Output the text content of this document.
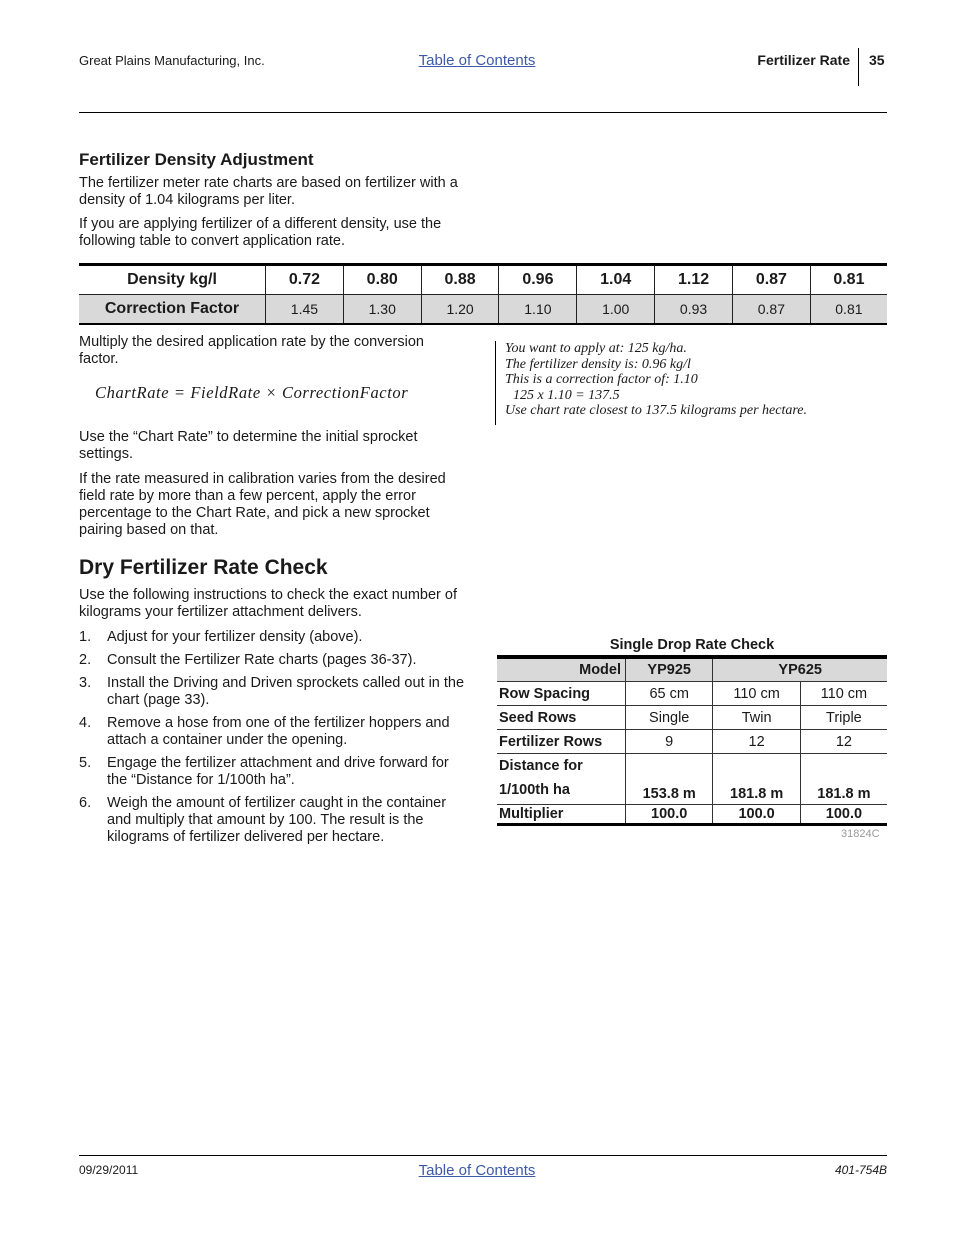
Great Plains Manufacturing, Inc.	Table of Contents	Fertilizer Rate 35
Fertilizer Density Adjustment
The fertilizer meter rate charts are based on fertilizer with a density of 1.04 kilograms per liter.
If you are applying fertilizer of a different density, use the following table to convert application rate.
Density kg/l	0.72	0.80	0.88	0.96	1.04	1.12	0.87	0.81
Correction Factor	1.45	1.30	1.20	1.10	1.00	0.93	0.87	0.81
Multiply the desired application rate by the conversion factor.
ChartRate = FieldRate × CorrectionFactor
You want to apply at: 125 kg/ha.
The fertilizer density is: 0.96 kg/l
This is a correction factor of: 1.10
125 x 1.10 = 137.5
Use chart rate closest to 137.5 kilograms per hectare.
Use the “Chart Rate” to determine the initial sprocket settings.
If the rate measured in calibration varies from the desired field rate by more than a few percent, apply the error percentage to the Chart Rate, and pick a new sprocket pairing based on that.
Dry Fertilizer Rate Check
Use the following instructions to check the exact number of kilograms your fertilizer attachment delivers.
1. Adjust for your fertilizer density (above).
2. Consult the Fertilizer Rate charts (pages 36-37).
3. Install the Driving and Driven sprockets called out in the chart (page 33).
4. Remove a hose from one of the fertilizer hoppers and attach a container under the opening.
5. Engage the fertilizer attachment and drive forward for the “Distance for 1/100th ha”.
6. Weigh the amount of fertilizer caught in the container and multiply that amount by 100. The result is the kilograms of fertilizer delivered per hectare.
Single Drop Rate Check
Model	YP925	YP625	
Row Spacing	65 cm	110 cm	110 cm
Seed Rows	Single	Twin	Triple
Fertilizer Rows	9	12	12
Distance for
1/100th ha	153.8 m	181.8 m	181.8 m
Multiplier	100.0	100.0	100.0
31824C
09/29/2011	Table of Contents	401-754B
